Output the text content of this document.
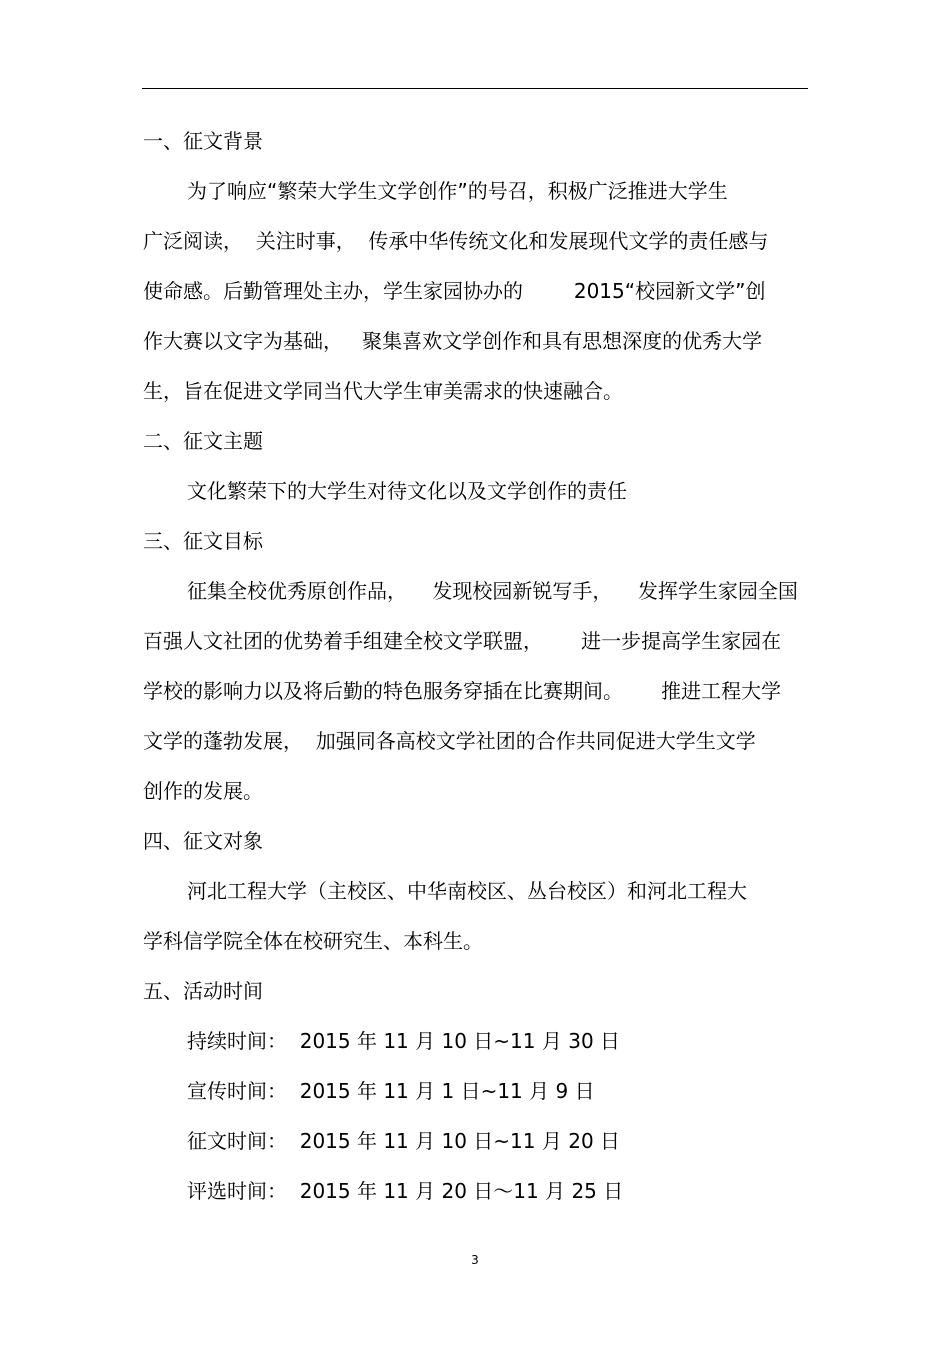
一、征文背景
为了响应“繁荣大学生文学创作”的号召，积极广泛推进大学生
广泛阅读，  关注时事，  传承中华传统文化和发展现代文学的责任感与
使命感。后勤管理处主办，学生家园协办的        2015“校园新文学”创
作大赛以文字为基础，   聚集喜欢文学创作和具有思想深度的优秀大学
生，旨在促进文学同当代大学生审美需求的快速融合。
二、征文主题
文化繁荣下的大学生对待文化以及文学创作的责任
三、征文目标
征集全校优秀原创作品，    发现校园新锐写手，    发挥学生家园全国
百强人文社团的优势着手组建全校文学联盟，      进一步提高学生家园在
学校的影响力以及将后勤的特色服务穿插在比赛期间。      推进工程大学
文学的蓬勃发展，  加强同各高校文学社团的合作共同促进大学生文学
创作的发展。
四、征文对象
河北工程大学（主校区、中华南校区、丛台校区）和河北工程大
学科信学院全体在校研究生、本科生。
五、活动时间
持续时间：  2015 年 11 月 10 日~11 月 30 日
宣传时间：  2015 年 11 月 1 日~11 月 9 日
征文时间：  2015 年 11 月 10 日~11 月 20 日
评选时间：  2015 年 11 月 20 日～11 月 25 日
3
